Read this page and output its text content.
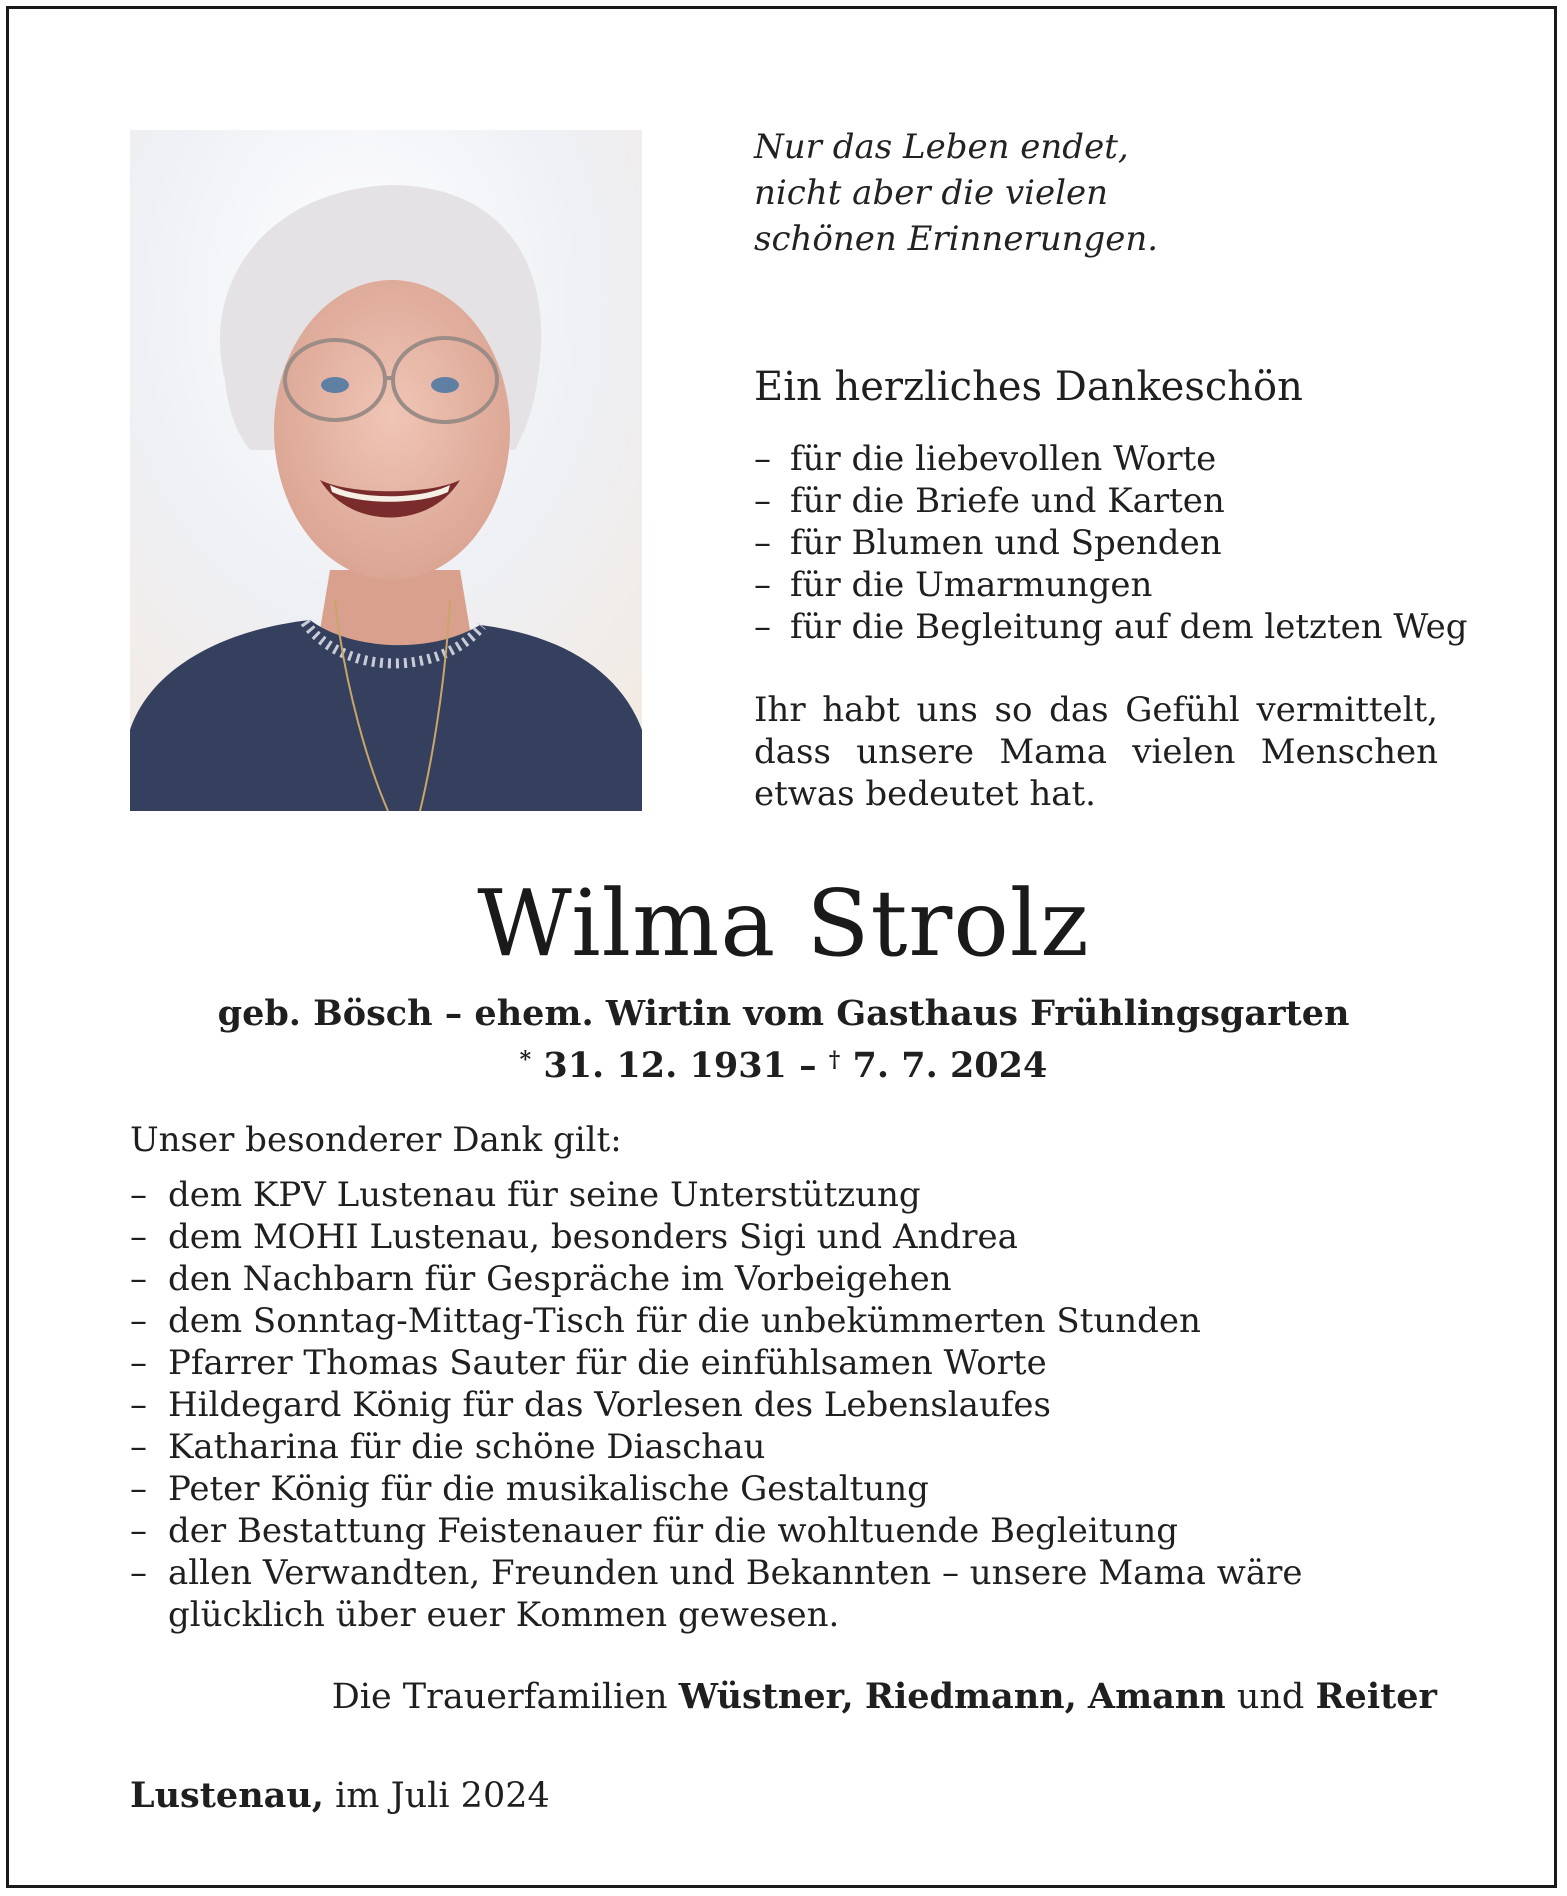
Nur das Leben endet,
nicht aber die vielen
schönen Erinnerungen.
Ein herzliches Dankeschön
– für die liebevollen Worte
– für die Briefe und Karten
– für Blumen und Spenden
– für die Umarmungen
– für die Begleitung auf dem letzten Weg
Ihr habt uns so das Gefühl vermittelt,
dass unsere Mama vielen Menschen
etwas bedeutet hat.
Wilma Strolz
geb. Bösch – ehem. Wirtin vom Gasthaus Frühlingsgarten
* 31. 12. 1931 – † 7. 7. 2024
Unser besonderer Dank gilt:
– dem KPV Lustenau für seine Unterstützung
– dem MOHI Lustenau, besonders Sigi und Andrea
– den Nachbarn für Gespräche im Vorbeigehen
– dem Sonntag-Mittag-Tisch für die unbekümmerten Stunden
– Pfarrer Thomas Sauter für die einfühlsamen Worte
– Hildegard König für das Vorlesen des Lebenslaufes
– Katharina für die schöne Diaschau
– Peter König für die musikalische Gestaltung
– der Bestattung Feistenauer für die wohltuende Begleitung
– allen Verwandten, Freunden und Bekannten – unsere Mama wäre glücklich über euer Kommen gewesen.
Die Trauerfamilien Wüstner, Riedmann, Amann und Reiter
Lustenau, im Juli 2024
